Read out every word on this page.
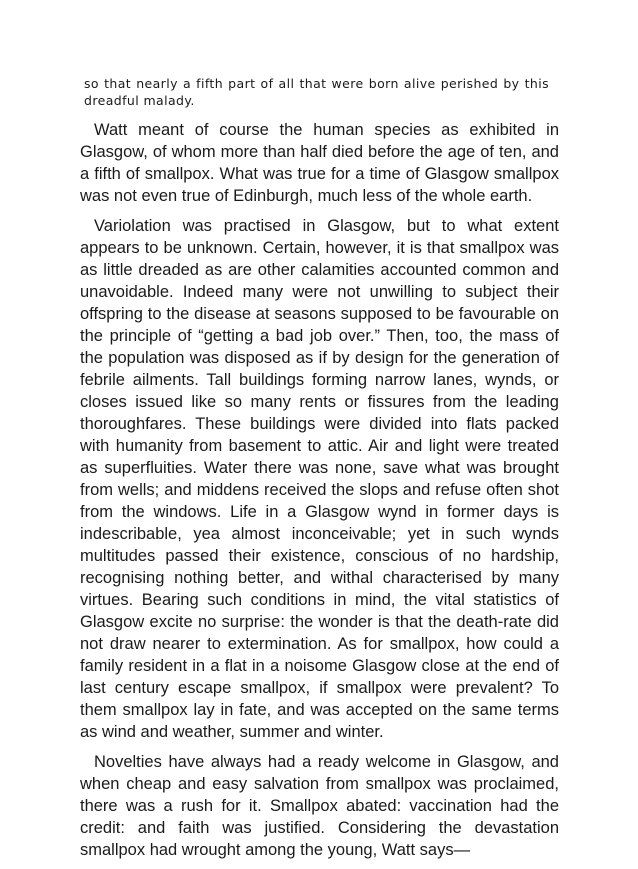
so that nearly a fifth part of all that were born alive perished by this dreadful malady.

Watt meant of course the human species as exhibited in Glasgow, of whom more than half died before the age of ten, and a fifth of smallpox. What was true for a time of Glasgow smallpox was not even true of Edinburgh, much less of the whole earth.

Variolation was practised in Glasgow, but to what extent appears to be unknown. Certain, however, it is that smallpox was as little dreaded as are other calamities accounted common and unavoidable. Indeed many were not unwilling to subject their offspring to the disease at seasons supposed to be favourable on the principle of “getting a bad job over.” Then, too, the mass of the population was disposed as if by design for the generation of febrile ailments. Tall buildings forming narrow lanes, wynds, or closes issued like so many rents or fissures from the leading thoroughfares. These buildings were divided into flats packed with humanity from basement to attic. Air and light were treated as superfluities. Water there was none, save what was brought from wells; and middens received the slops and refuse often shot from the windows. Life in a Glasgow wynd in former days is indescribable, yea almost inconceivable; yet in such wynds multitudes passed their existence, conscious of no hardship, recognising nothing better, and withal characterised by many virtues. Bearing such conditions in mind, the vital statistics of Glasgow excite no surprise: the wonder is that the death-rate did not draw nearer to extermination. As for smallpox, how could a family resident in a flat in a noisome Glasgow close at the end of last century escape smallpox, if smallpox were prevalent? To them smallpox lay in fate, and was accepted on the same terms as wind and weather, summer and winter.

Novelties have always had a ready welcome in Glasgow, and when cheap and easy salvation from smallpox was proclaimed, there was a rush for it. Smallpox abated: vaccination had the credit: and faith was justified. Considering the devastation smallpox had wrought among the young, Watt says—
